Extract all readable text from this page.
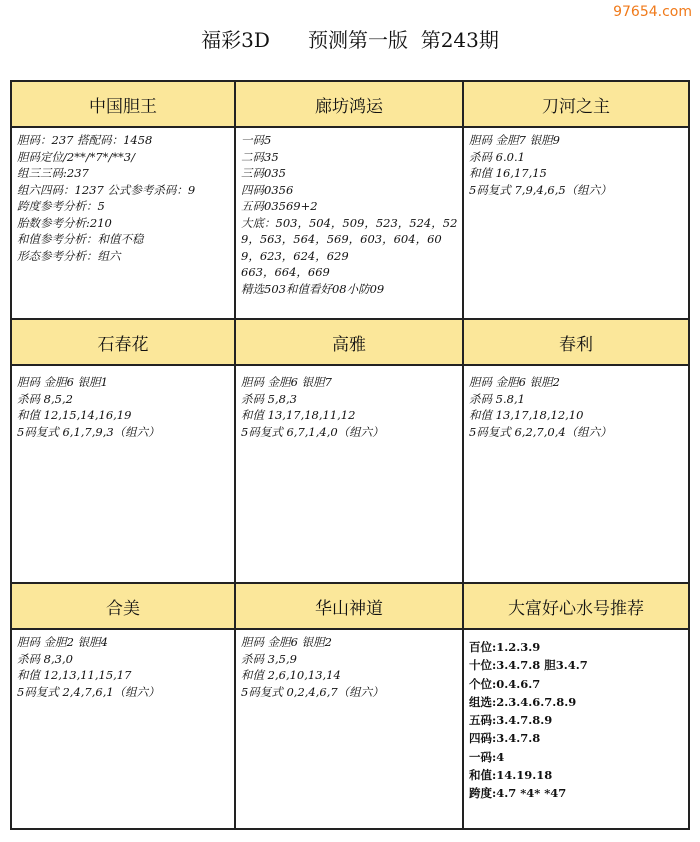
97654.com
福彩3D      预测第一版  第243期
中国胆王	廊坊鸿运	刀河之主
胆码：237 搭配码：1458
胆码定位/2**/*7*/**3/
组三三码:237
组六四码：1237 公式参考杀码：9
跨度参考分析：5
胎数参考分析:210
和值参考分析：和值不稳
形态参考分析：组六
一码5
二码35
三码035
四码0356
五码03569+2
大底：503，504，509，523，524，529，563，564，569，603，604，609，623，624，629
663，664，669
精选503和值看好08小防09
胆码 金胆7 银胆9
杀码 6.0.1
和值 16,17,15
5码复式 7,9,4,6,5（组六）
石春花	高雅	春利
胆码 金胆6 银胆1
杀码 8,5,2
和值 12,15,14,16,19
5码复式 6,1,7,9,3（组六）
胆码 金胆6 银胆7
杀码 5,8,3
和值 13,17,18,11,12
5码复式 6,7,1,4,0（组六）
胆码 金胆6 银胆2
杀码 5.8,1
和值 13,17,18,12,10
5码复式 6,2,7,0,4（组六）
合美	华山神道	大富好心水号推荐
胆码 金胆2 银胆4
杀码 8,3,0
和值 12,13,11,15,17
5码复式 2,4,7,6,1（组六）
胆码 金胆6 银胆2
杀码 3,5,9
和值 2,6,10,13,14
5码复式 0,2,4,6,7（组六）
百位:1.2.3.9
十位:3.4.7.8 胆3.4.7
个位:0.4.6.7
组选:2.3.4.6.7.8.9
五码:3.4.7.8.9
四码:3.4.7.8
一码:4
和值:14.19.18
跨度:4.7 *4* *47
